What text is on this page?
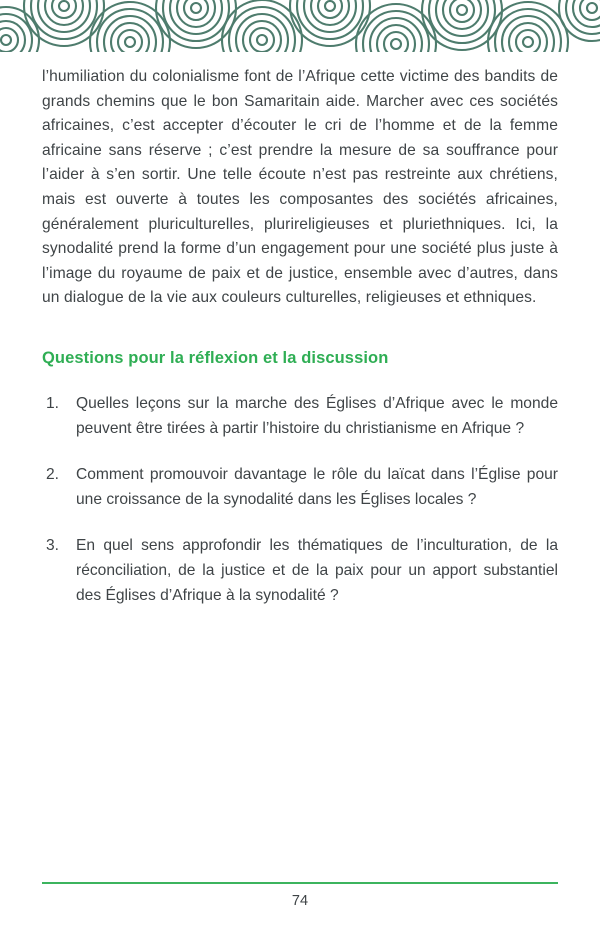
l’humiliation du colonialisme font de l’Afrique cette victime des bandits de grands chemins que le bon Samaritain aide. Marcher avec ces sociétés africaines, c’est accepter d’écouter le cri de l’homme et de la femme africaine sans réserve ; c’est prendre la mesure de sa souffrance pour l’aider à s’en sortir. Une telle écoute n’est pas restreinte aux chrétiens, mais est ouverte à toutes les composantes des sociétés africaines, généralement pluriculturelles, plurireligieuses et pluriethniques. Ici, la synodalité prend la forme d’un engagement pour une société plus juste à l’image du royaume de paix et de justice, ensemble avec d’autres, dans un dialogue de la vie aux couleurs culturelles, religieuses et ethniques.

Questions pour la réflexion et la discussion
1.	Quelles leçons sur la marche des Églises d’Afrique avec le monde peuvent être tirées à partir l’histoire du christianisme en Afrique ?
2.	Comment promouvoir davantage le rôle du laïcat dans l’Église pour une croissance de la synodalité dans les Églises locales ?
3.	En quel sens approfondir les thématiques de l’inculturation, de la réconciliation, de la justice et de la paix pour un apport substantiel des Églises d’Afrique à la synodalité ?
74
